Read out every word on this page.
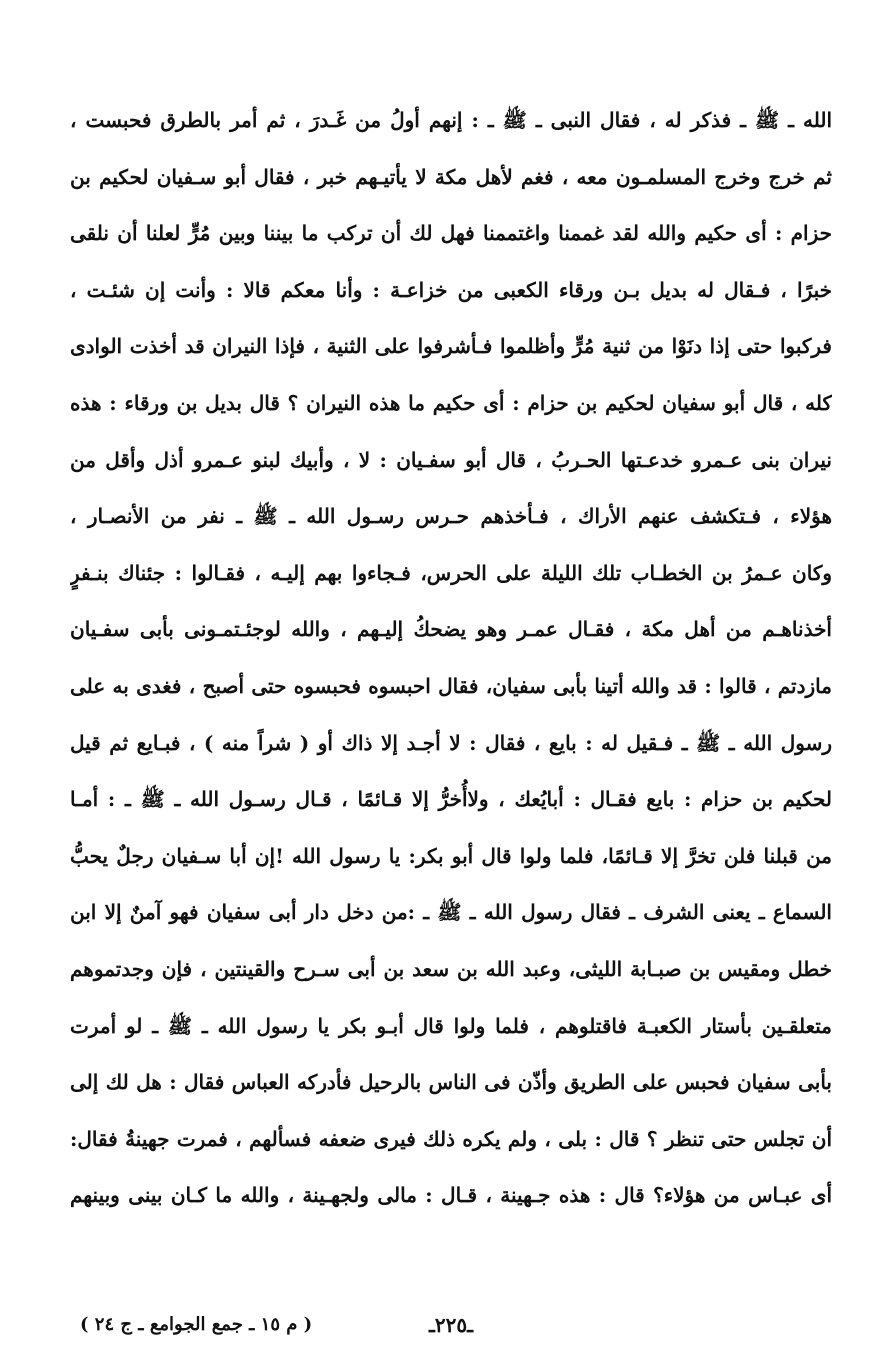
الله ـ ﷺ ـ فذكر له ، فقال النبى ـ ﷺ ـ : إنهم أولُ من غَـدرَ ، ثم أمر بالطرق فحبست ،
ثم خرج وخرج المسلمـون معه ، فغم لأهل مكة لا يأتيـهم خبر ، فقال أبو سـفيان لحكيم بن
حزام : أى حكيم والله لقد غممنا واغتممنا فهل لك أن تركب ما بيننا وبين مُرٍّ لعلنا أن نلقى
خبرًا ، فـقال له بديل بـن ورقاء الكعبى من خزاعـة : وأنا معكم قالا : وأنت إن شئـت ،
فركبوا حتى إذا دنَوْا من ثنية مُرٍّ وأظلموا فـأشرفوا على الثنية ، فإذا النيران قد أخذت الوادى
كله ، قال أبو سفيان لحكيم بن حزام : أى حكيم ما هذه النيران ؟ قال بديل بن ورقاء : هذه
نيران بنى عـمرو خدعـتها الحـربُ ، قال أبو سفـيان : لا ، وأبيك لبنو عـمرو أذل وأقل من
هؤلاء ، فـتكشف عنهم الأراك ، فـأخذهم حـرس رسـول الله ـ ﷺ ـ نفر من الأنصـار ،
وكان عـمرُ بن الخطـاب تلك الليلة على الحرس، فـجاءوا بهم إليـه ، فقـالوا : جئناك بنـفرٍ
أخذناهـم من أهل مكة ، فقـال عمـر وهو يضحكُ إليـهم ، والله لوجئـتمـونى بأبى سفـيان
مازدتم ، قالوا : قد والله أتينا بأبى سفيان، فقال احبسوه فحبسوه حتى أصبح ، فغدى به على
رسول الله ـ ﷺ ـ فـقيل له : بايع ، فقال : لا أجـد إلا ذاك أو ( شراً منه ) ، فبـايع ثم قيل
لحكيم بن حزام : بايع فقـال : أبايُعك ، ولاأُخرُّ إلا قـائمًا ، قـال رسـول الله ـ ﷺ ـ : أمـا
من قبلنا فلن تخرَّ إلا قـائمًا، فلما ولوا قال أبو بكر: يا رسول الله !إن أبا سـفيان رجلٌ يحبُّ
السماع ـ يعنى الشرف ـ فقال رسول الله ـ ﷺ ـ :من دخل دار أبى سفيان فهو آمنٌ إلا ابن
خطل ومقيس بن صبـابة الليثى، وعبد الله بن سعد بن أبى سـرح والقينتين ، فإن وجدتموهم
متعلقـين بأستار الكعبـة فاقتلوهم ، فلما ولوا قال أبـو بكر يا رسول الله ـ ﷺ ـ لو أمرت
بأبى سفيان فحبس على الطريق وأذّن فى الناس بالرحيل فأدركه العباس فقال : هل لك إلى
أن تجلس حتى تنظر ؟ قال : بلى ، ولم يكره ذلك فيرى ضعفه فسألهم ، فمرت جهينةُ فقال:
أى عبـاس من هؤلاء؟ قال : هذه جـهينة ، قـال : مالى ولجهـينة ، والله ما كـان بينى وبينهم
ـ٢٢٥ـ
( م ١٥ ـ جمع الجوامع ـ ج ٢٤ )
